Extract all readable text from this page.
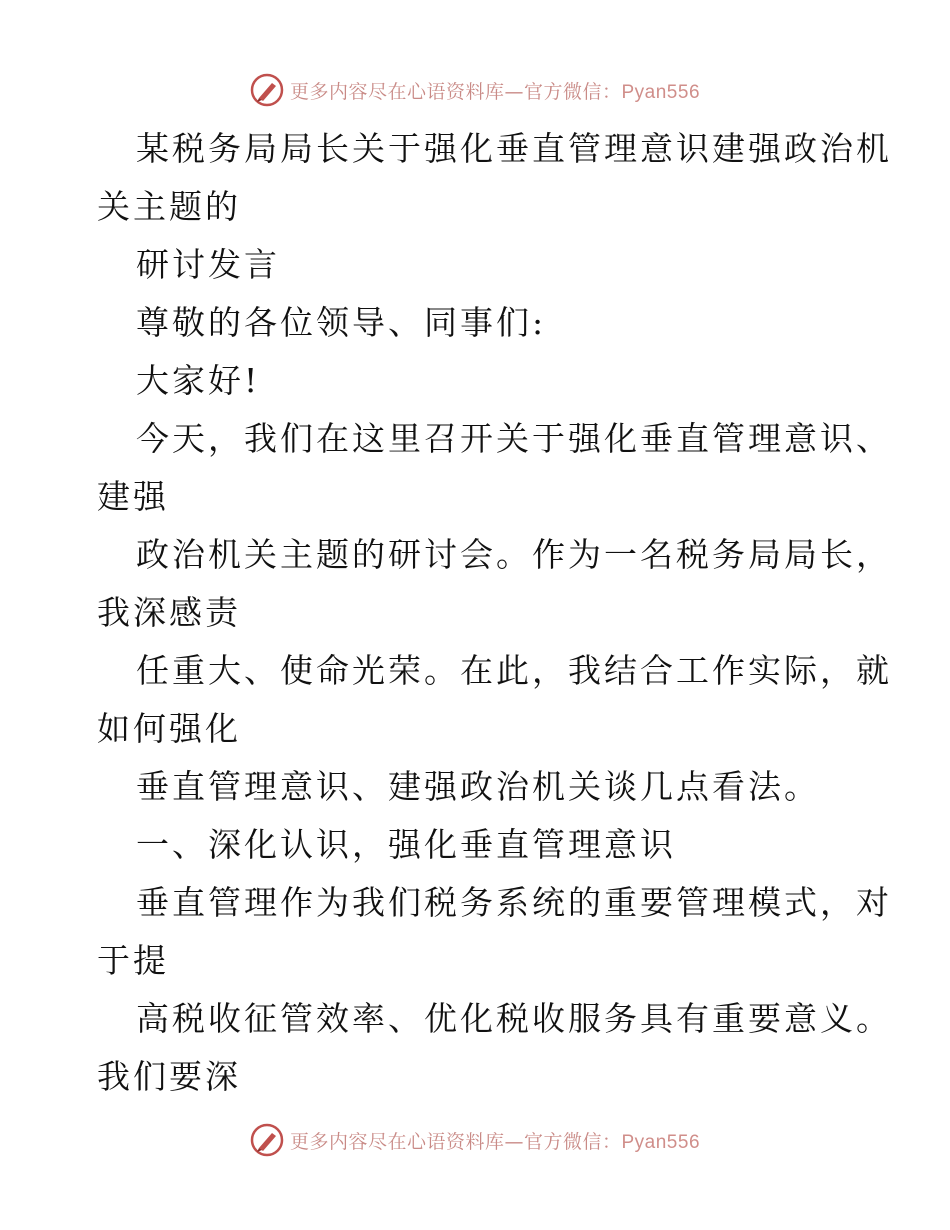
更多内容尽在心语资料库—官方微信：Pyan556
某税务局局长关于强化垂直管理意识建强政治机
关主题的
研讨发言
尊敬的各位领导、同事们:
大家好!
今天，我们在这里召开关于强化垂直管理意识、
建强
政治机关主题的研讨会。作为一名税务局局长，
我深感责
任重大、使命光荣。在此，我结合工作实际，就
如何强化
垂直管理意识、建强政治机关谈几点看法。
一、深化认识，强化垂直管理意识
垂直管理作为我们税务系统的重要管理模式，对
于提
高税收征管效率、优化税收服务具有重要意义。
我们要深
更多内容尽在心语资料库—官方微信：Pyan556
